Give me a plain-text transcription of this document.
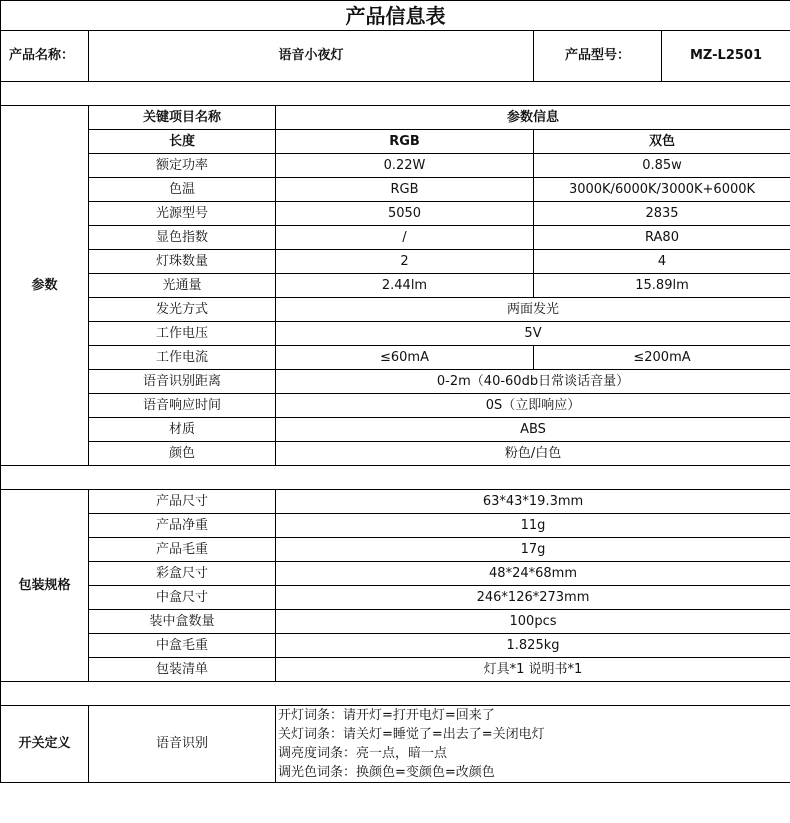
产品信息表				
产品名称：	语音小夜灯		产品型号：	MZ-L2501

参数	关键项目名称	参数信息		
	长度	RGB	双色	
	额定功率	0.22W	0.85w	
	色温	RGB	3000K/6000K/3000K+6000K	
	光源型号	5050	2835	
	显色指数	/	RA80	
	灯珠数量	2	4	
	光通量	2.44lm	15.89lm	
	发光方式	两面发光		
	工作电压	5V		
	工作电流	≤60mA	≤200mA	
	语音识别距离	0-2m（40-60db日常谈话音量）		
	语音响应时间	0S（立即响应）		
	材质	ABS		
	颜色	粉色/白色		

包装规格	产品尺寸	63*43*19.3mm		
	产品净重	11g		
	产品毛重	17g		
	彩盒尺寸	48*24*68mm		
	中盒尺寸	246*126*273mm		
	装中盒数量	100pcs		
	中盒毛重	1.825kg		
	包装清单	灯具*1 说明书*1		

开关定义	语音识别	开灯词条：请开灯=打开电灯=回来了
关灯词条：请关灯=睡觉了=出去了=关闭电灯
调亮度词条：亮一点，暗一点
调光色词条：换颜色=变颜色=改颜色		
